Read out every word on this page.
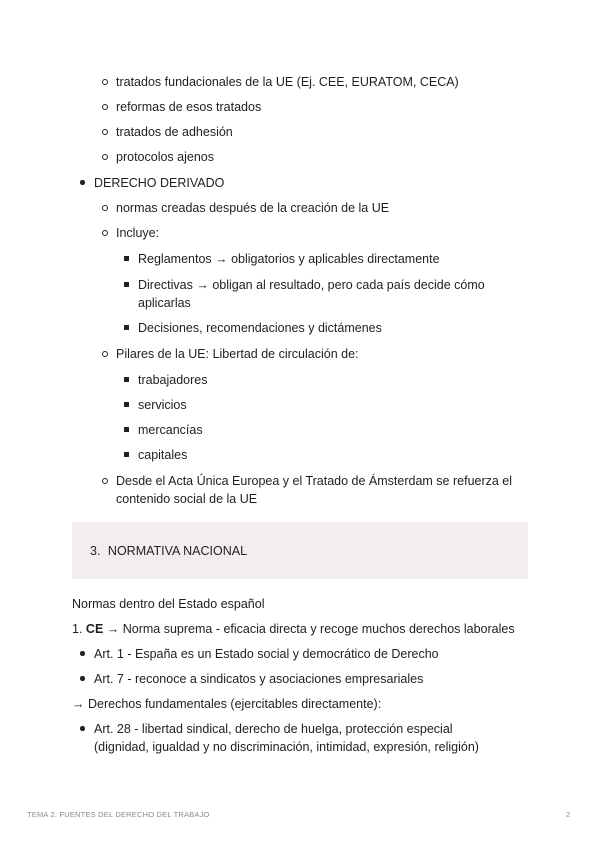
tratados fundacionales de la UE (Ej. CEE, EURATOM, CECA)
reformas de esos tratados
tratados de adhesión
protocolos ajenos
DERECHO DERIVADO
normas creadas después de la creación de la UE
Incluye:
Reglamentos → obligatorios y aplicables directamente
Directivas → obligan al resultado, pero cada país decide cómo
aplicarlas
Decisiones, recomendaciones y dictámenes
Pilares de la UE: Libertad de circulación de:
trabajadores
servicios
mercancías
capitales
Desde el Acta Única Europea y el Tratado de Ámsterdam se refuerza el
contenido social de la UE
3. NORMATIVA NACIONAL
Normas dentro del Estado español
1. CE → Norma suprema - eficacia directa y recoge muchos derechos laborales
Art. 1 - España es un Estado social y democrático de Derecho
Art. 7 - reconoce a sindicatos y asociaciones empresariales
→ Derechos fundamentales (ejercitables directamente):
Art. 28 - libertad sindical, derecho de huelga, protección especial
(dignidad, igualdad y no discriminación, intimidad, expresión, religión)
TEMA 2. FUENTES DEL DERECHO DEL TRABAJO	2
